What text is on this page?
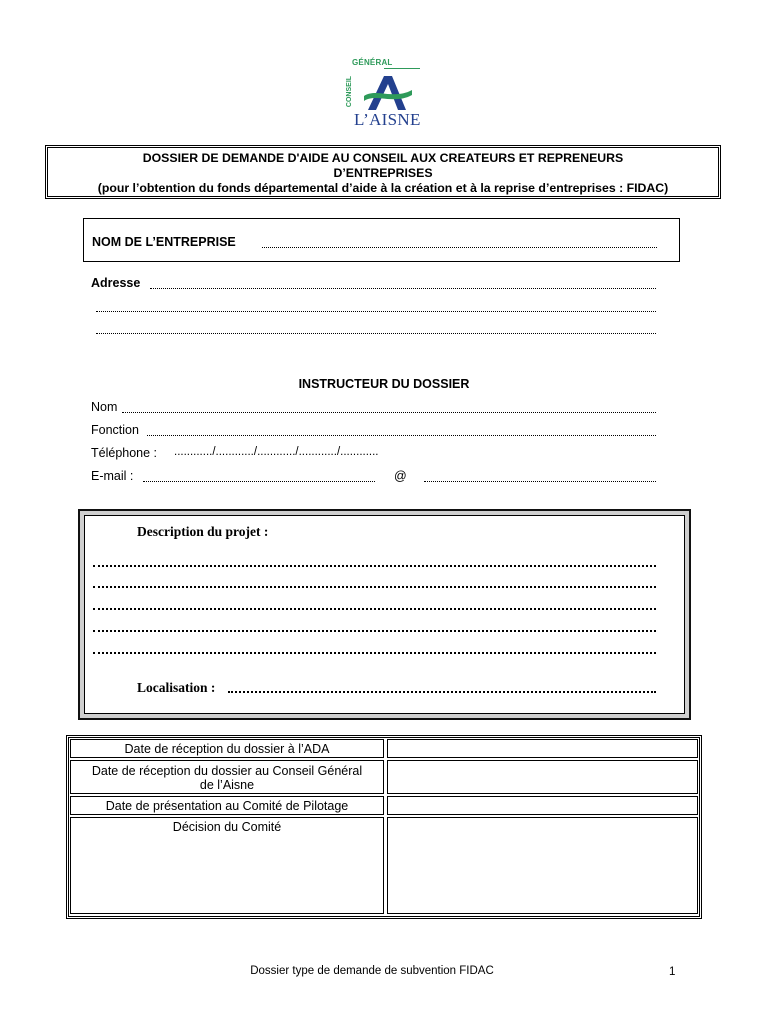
GÉNÉRAL
CONSEIL
L’AISNE
DOSSIER DE DEMANDE D'AIDE AU CONSEIL AUX CREATEURS ET REPRENEURS
D’ENTREPRISES
(pour l’obtention du fonds départemental d’aide à la création et à la reprise d’entreprises : FIDAC)
NOM DE L’ENTREPRISE
Adresse
INSTRUCTEUR DU DOSSIER
Nom
Fonction
Téléphone : ............/............/............/............/............
E-mail :	@
Description du projet :
Localisation :
Date de réception du dossier à l’ADA
Date de réception du dossier au Conseil Général de l’Aisne
Date de présentation au Comité de Pilotage
Décision du Comité
Dossier type de demande de subvention FIDAC	1
